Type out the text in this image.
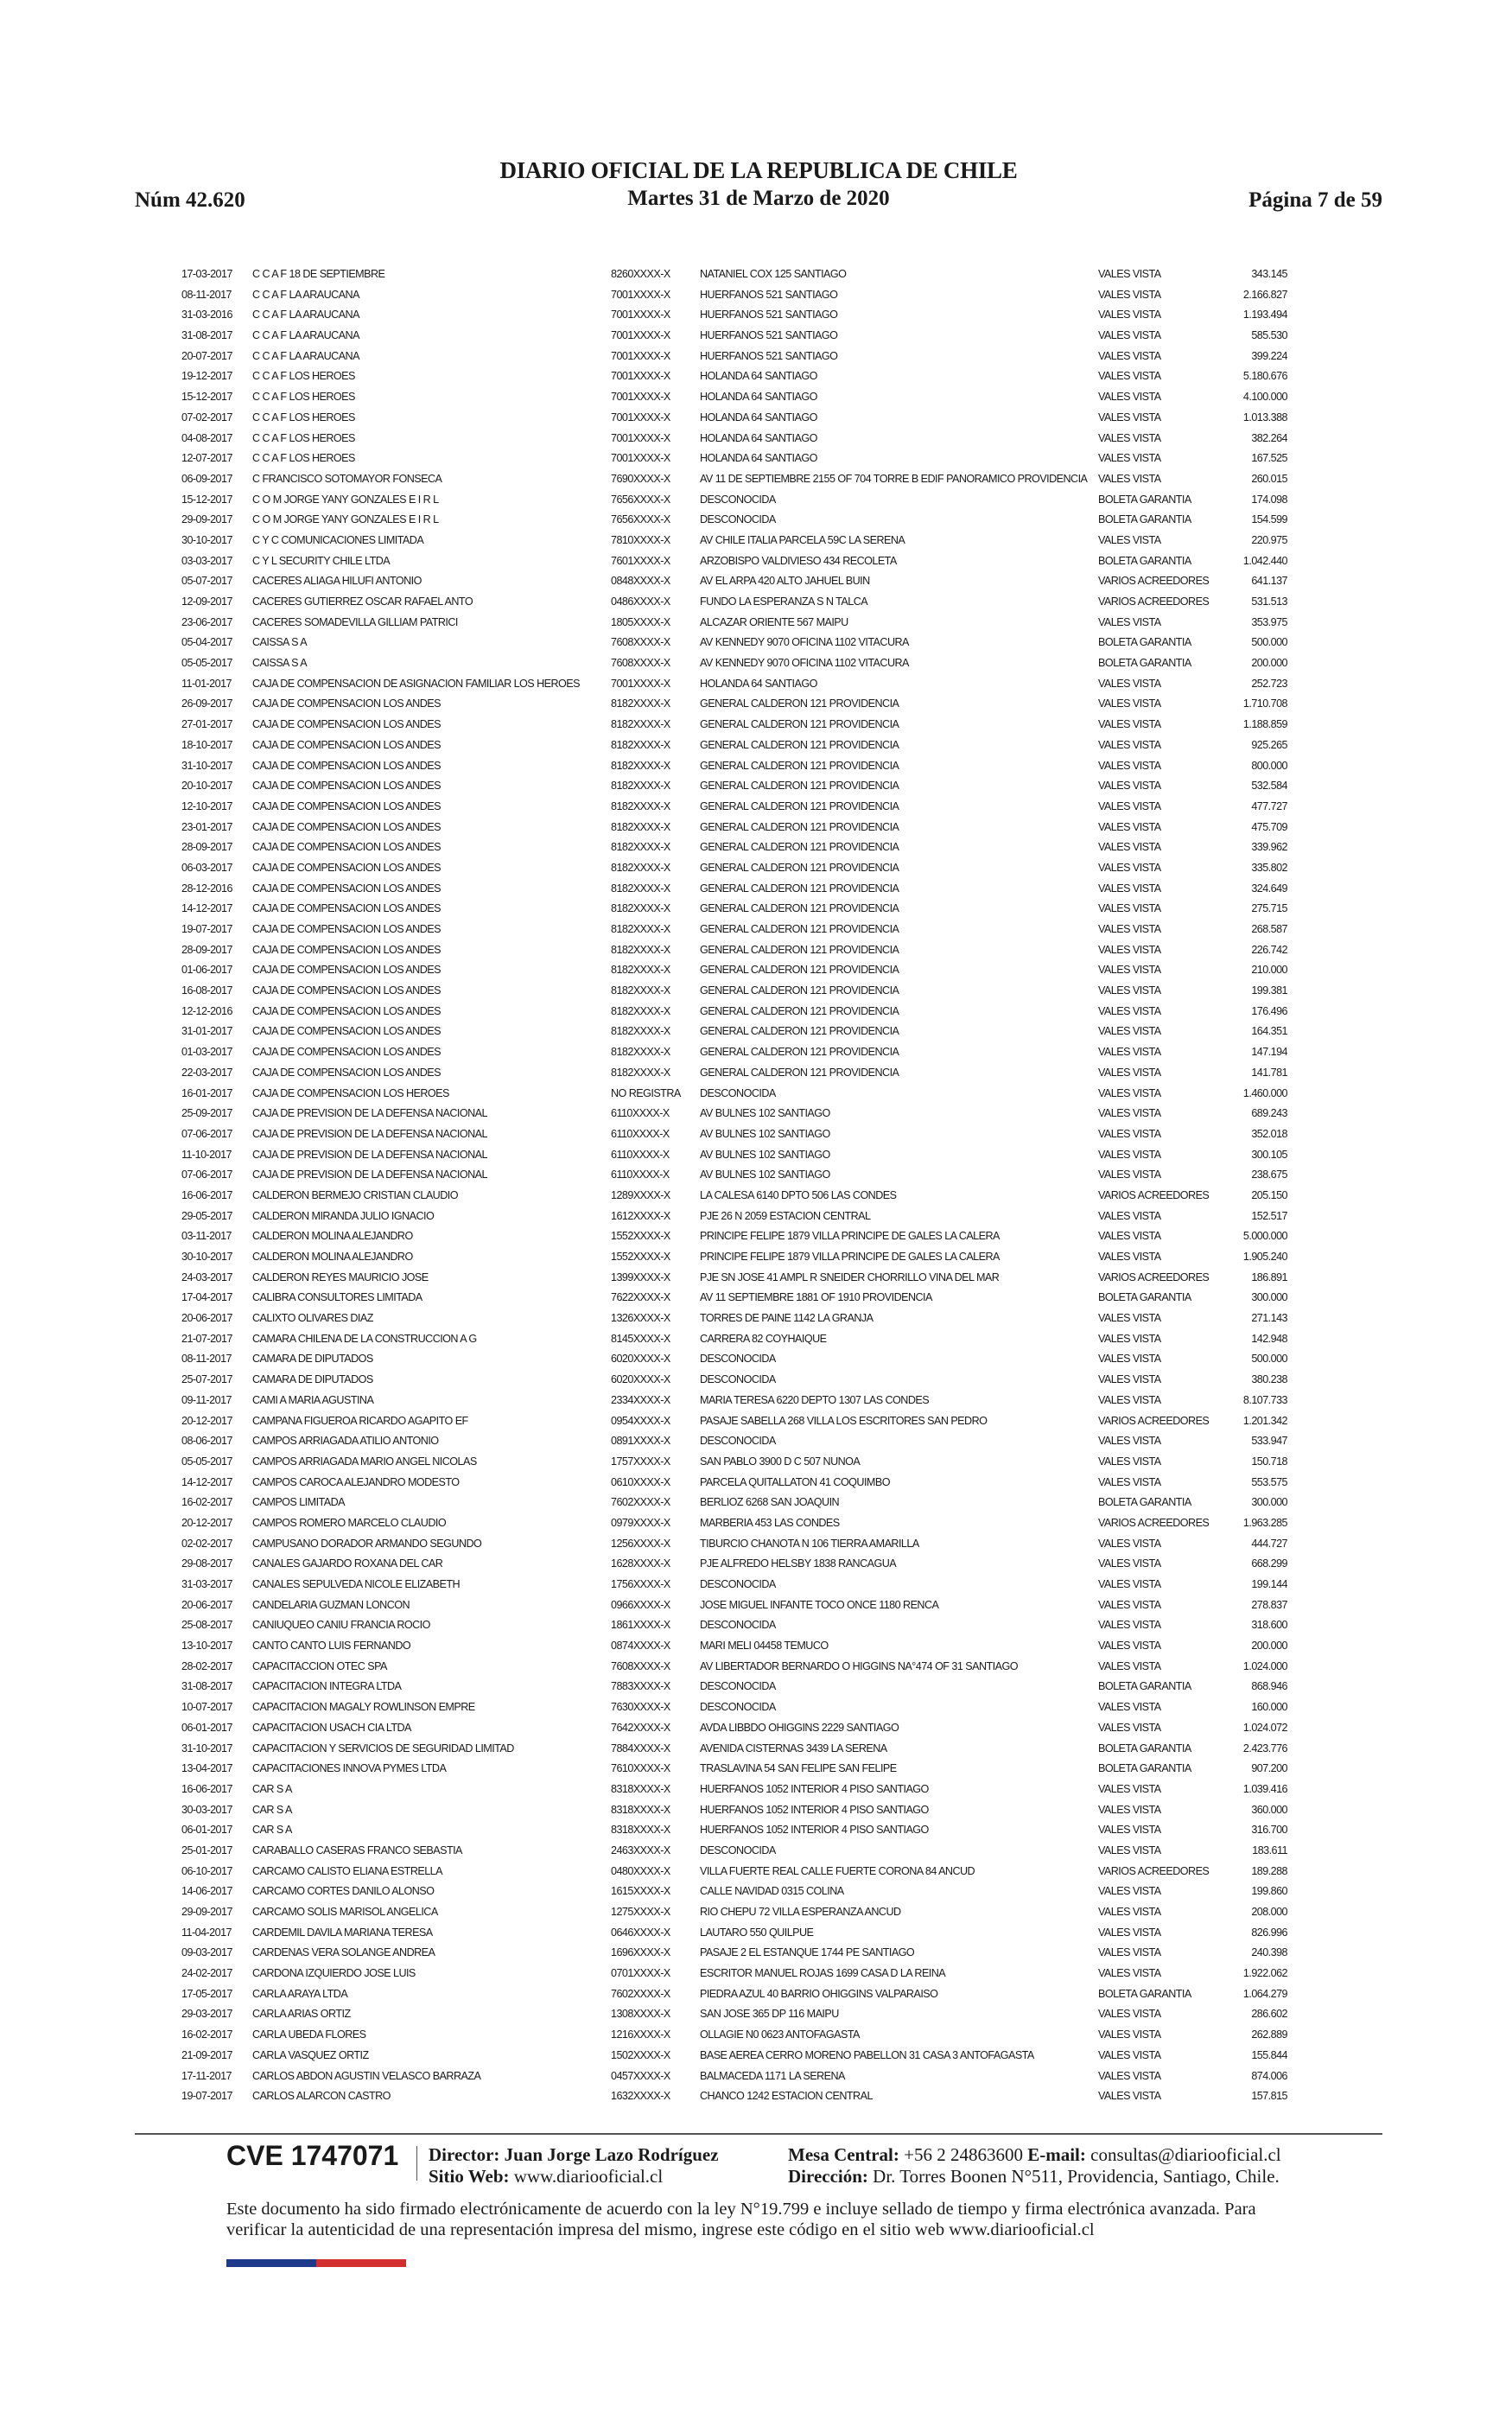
Núm 42.620
DIARIO OFICIAL DE LA REPUBLICA DE CHILE
Martes 31 de Marzo de 2020	Página 7 de 59
17-03-2017	C C A F 18 DE SEPTIEMBRE	8260XXXX-X	NATANIEL COX 125 SANTIAGO	VALES VISTA	343.145
08-11-2017	C C A F LA ARAUCANA	7001XXXX-X	HUERFANOS 521 SANTIAGO	VALES VISTA	2.166.827
31-03-2016	C C A F LA ARAUCANA	7001XXXX-X	HUERFANOS 521 SANTIAGO	VALES VISTA	1.193.494
31-08-2017	C C A F LA ARAUCANA	7001XXXX-X	HUERFANOS 521 SANTIAGO	VALES VISTA	585.530
20-07-2017	C C A F LA ARAUCANA	7001XXXX-X	HUERFANOS 521 SANTIAGO	VALES VISTA	399.224
19-12-2017	C C A F LOS HEROES	7001XXXX-X	HOLANDA 64 SANTIAGO	VALES VISTA	5.180.676
15-12-2017	C C A F LOS HEROES	7001XXXX-X	HOLANDA 64 SANTIAGO	VALES VISTA	4.100.000
07-02-2017	C C A F LOS HEROES	7001XXXX-X	HOLANDA 64 SANTIAGO	VALES VISTA	1.013.388
04-08-2017	C C A F LOS HEROES	7001XXXX-X	HOLANDA 64 SANTIAGO	VALES VISTA	382.264
12-07-2017	C C A F LOS HEROES	7001XXXX-X	HOLANDA 64 SANTIAGO	VALES VISTA	167.525
06-09-2017	C FRANCISCO SOTOMAYOR FONSECA	7690XXXX-X	AV 11 DE SEPTIEMBRE 2155 OF 704 TORRE B EDIF PANORAMICO PROVIDENCIA	VALES VISTA	260.015
15-12-2017	C O M JORGE YANY GONZALES E I R L	7656XXXX-X	DESCONOCIDA	BOLETA GARANTIA	174.098
29-09-2017	C O M JORGE YANY GONZALES E I R L	7656XXXX-X	DESCONOCIDA	BOLETA GARANTIA	154.599
30-10-2017	C Y C COMUNICACIONES LIMITADA	7810XXXX-X	AV CHILE ITALIA PARCELA 59C LA SERENA	VALES VISTA	220.975
03-03-2017	C Y L SECURITY CHILE LTDA	7601XXXX-X	ARZOBISPO VALDIVIESO 434 RECOLETA	BOLETA GARANTIA	1.042.440
05-07-2017	CACERES ALIAGA HILUFI ANTONIO	0848XXXX-X	AV EL ARPA 420 ALTO JAHUEL BUIN	VARIOS ACREEDORES	641.137
12-09-2017	CACERES GUTIERREZ OSCAR RAFAEL ANTO	0486XXXX-X	FUNDO LA ESPERANZA S N TALCA	VARIOS ACREEDORES	531.513
23-06-2017	CACERES SOMADEVILLA GILLIAM PATRICI	1805XXXX-X	ALCAZAR ORIENTE 567 MAIPU	VALES VISTA	353.975
05-04-2017	CAISSA S A	7608XXXX-X	AV KENNEDY 9070 OFICINA 1102 VITACURA	BOLETA GARANTIA	500.000
05-05-2017	CAISSA S A	7608XXXX-X	AV KENNEDY 9070 OFICINA 1102 VITACURA	BOLETA GARANTIA	200.000
11-01-2017	CAJA DE COMPENSACION DE ASIGNACION FAMILIAR LOS HEROES	7001XXXX-X	HOLANDA 64 SANTIAGO	VALES VISTA	252.723
26-09-2017	CAJA DE COMPENSACION LOS ANDES	8182XXXX-X	GENERAL CALDERON 121 PROVIDENCIA	VALES VISTA	1.710.708
27-01-2017	CAJA DE COMPENSACION LOS ANDES	8182XXXX-X	GENERAL CALDERON 121 PROVIDENCIA	VALES VISTA	1.188.859
18-10-2017	CAJA DE COMPENSACION LOS ANDES	8182XXXX-X	GENERAL CALDERON 121 PROVIDENCIA	VALES VISTA	925.265
31-10-2017	CAJA DE COMPENSACION LOS ANDES	8182XXXX-X	GENERAL CALDERON 121 PROVIDENCIA	VALES VISTA	800.000
20-10-2017	CAJA DE COMPENSACION LOS ANDES	8182XXXX-X	GENERAL CALDERON 121 PROVIDENCIA	VALES VISTA	532.584
12-10-2017	CAJA DE COMPENSACION LOS ANDES	8182XXXX-X	GENERAL CALDERON 121 PROVIDENCIA	VALES VISTA	477.727
23-01-2017	CAJA DE COMPENSACION LOS ANDES	8182XXXX-X	GENERAL CALDERON 121 PROVIDENCIA	VALES VISTA	475.709
28-09-2017	CAJA DE COMPENSACION LOS ANDES	8182XXXX-X	GENERAL CALDERON 121 PROVIDENCIA	VALES VISTA	339.962
06-03-2017	CAJA DE COMPENSACION LOS ANDES	8182XXXX-X	GENERAL CALDERON 121 PROVIDENCIA	VALES VISTA	335.802
28-12-2016	CAJA DE COMPENSACION LOS ANDES	8182XXXX-X	GENERAL CALDERON 121 PROVIDENCIA	VALES VISTA	324.649
14-12-2017	CAJA DE COMPENSACION LOS ANDES	8182XXXX-X	GENERAL CALDERON 121 PROVIDENCIA	VALES VISTA	275.715
19-07-2017	CAJA DE COMPENSACION LOS ANDES	8182XXXX-X	GENERAL CALDERON 121 PROVIDENCIA	VALES VISTA	268.587
28-09-2017	CAJA DE COMPENSACION LOS ANDES	8182XXXX-X	GENERAL CALDERON 121 PROVIDENCIA	VALES VISTA	226.742
01-06-2017	CAJA DE COMPENSACION LOS ANDES	8182XXXX-X	GENERAL CALDERON 121 PROVIDENCIA	VALES VISTA	210.000
16-08-2017	CAJA DE COMPENSACION LOS ANDES	8182XXXX-X	GENERAL CALDERON 121 PROVIDENCIA	VALES VISTA	199.381
12-12-2016	CAJA DE COMPENSACION LOS ANDES	8182XXXX-X	GENERAL CALDERON 121 PROVIDENCIA	VALES VISTA	176.496
31-01-2017	CAJA DE COMPENSACION LOS ANDES	8182XXXX-X	GENERAL CALDERON 121 PROVIDENCIA	VALES VISTA	164.351
01-03-2017	CAJA DE COMPENSACION LOS ANDES	8182XXXX-X	GENERAL CALDERON 121 PROVIDENCIA	VALES VISTA	147.194
22-03-2017	CAJA DE COMPENSACION LOS ANDES	8182XXXX-X	GENERAL CALDERON 121 PROVIDENCIA	VALES VISTA	141.781
16-01-2017	CAJA DE COMPENSACION LOS HEROES	NO REGISTRA	DESCONOCIDA	VALES VISTA	1.460.000
25-09-2017	CAJA DE PREVISION DE LA DEFENSA NACIONAL	6110XXXX-X	AV BULNES 102 SANTIAGO	VALES VISTA	689.243
07-06-2017	CAJA DE PREVISION DE LA DEFENSA NACIONAL	6110XXXX-X	AV BULNES 102 SANTIAGO	VALES VISTA	352.018
11-10-2017	CAJA DE PREVISION DE LA DEFENSA NACIONAL	6110XXXX-X	AV BULNES 102 SANTIAGO	VALES VISTA	300.105
07-06-2017	CAJA DE PREVISION DE LA DEFENSA NACIONAL	6110XXXX-X	AV BULNES 102 SANTIAGO	VALES VISTA	238.675
16-06-2017	CALDERON BERMEJO CRISTIAN CLAUDIO	1289XXXX-X	LA CALESA 6140 DPTO 506 LAS CONDES	VARIOS ACREEDORES	205.150
29-05-2017	CALDERON MIRANDA JULIO IGNACIO	1612XXXX-X	PJE 26 N 2059 ESTACION CENTRAL	VALES VISTA	152.517
03-11-2017	CALDERON MOLINA ALEJANDRO	1552XXXX-X	PRINCIPE FELIPE 1879 VILLA PRINCIPE DE GALES LA CALERA	VALES VISTA	5.000.000
30-10-2017	CALDERON MOLINA ALEJANDRO	1552XXXX-X	PRINCIPE FELIPE 1879 VILLA PRINCIPE DE GALES LA CALERA	VALES VISTA	1.905.240
24-03-2017	CALDERON REYES MAURICIO JOSE	1399XXXX-X	PJE SN JOSE 41 AMPL R SNEIDER CHORRILLO VINA DEL MAR	VARIOS ACREEDORES	186.891
17-04-2017	CALIBRA CONSULTORES LIMITADA	7622XXXX-X	AV 11 SEPTIEMBRE 1881 OF 1910 PROVIDENCIA	BOLETA GARANTIA	300.000
20-06-2017	CALIXTO OLIVARES DIAZ	1326XXXX-X	TORRES DE PAINE 1142 LA GRANJA	VALES VISTA	271.143
21-07-2017	CAMARA CHILENA DE LA CONSTRUCCION A G	8145XXXX-X	CARRERA 82 COYHAIQUE	VALES VISTA	142.948
08-11-2017	CAMARA DE DIPUTADOS	6020XXXX-X	DESCONOCIDA	VALES VISTA	500.000
25-07-2017	CAMARA DE DIPUTADOS	6020XXXX-X	DESCONOCIDA	VALES VISTA	380.238
09-11-2017	CAMI A MARIA AGUSTINA	2334XXXX-X	MARIA TERESA 6220 DEPTO 1307 LAS CONDES	VALES VISTA	8.107.733
20-12-2017	CAMPANA FIGUEROA RICARDO AGAPITO EF	0954XXXX-X	PASAJE SABELLA 268 VILLA LOS ESCRITORES SAN PEDRO	VARIOS ACREEDORES	1.201.342
08-06-2017	CAMPOS ARRIAGADA ATILIO ANTONIO	0891XXXX-X	DESCONOCIDA	VALES VISTA	533.947
05-05-2017	CAMPOS ARRIAGADA MARIO ANGEL NICOLAS	1757XXXX-X	SAN PABLO 3900 D C 507 NUNOA	VALES VISTA	150.718
14-12-2017	CAMPOS CAROCA ALEJANDRO MODESTO	0610XXXX-X	PARCELA QUITALLATON 41 COQUIMBO	VALES VISTA	553.575
16-02-2017	CAMPOS LIMITADA	7602XXXX-X	BERLIOZ 6268 SAN JOAQUIN	BOLETA GARANTIA	300.000
20-12-2017	CAMPOS ROMERO MARCELO CLAUDIO	0979XXXX-X	MARBERIA 453 LAS CONDES	VARIOS ACREEDORES	1.963.285
02-02-2017	CAMPUSANO DORADOR ARMANDO SEGUNDO	1256XXXX-X	TIBURCIO CHANOTA N 106 TIERRA AMARILLA	VALES VISTA	444.727
29-08-2017	CANALES GAJARDO ROXANA DEL CAR	1628XXXX-X	PJE ALFREDO HELSBY 1838 RANCAGUA	VALES VISTA	668.299
31-03-2017	CANALES SEPULVEDA NICOLE ELIZABETH	1756XXXX-X	DESCONOCIDA	VALES VISTA	199.144
20-06-2017	CANDELARIA GUZMAN LONCON	0966XXXX-X	JOSE MIGUEL INFANTE TOCO ONCE 1180 RENCA	VALES VISTA	278.837
25-08-2017	CANIUQUEO CANIU FRANCIA ROCIO	1861XXXX-X	DESCONOCIDA	VALES VISTA	318.600
13-10-2017	CANTO CANTO LUIS FERNANDO	0874XXXX-X	MARI MELI 04458 TEMUCO	VALES VISTA	200.000
28-02-2017	CAPACITACCION OTEC SPA	7608XXXX-X	AV LIBERTADOR BERNARDO O HIGGINS NA°474 OF 31 SANTIAGO	VALES VISTA	1.024.000
31-08-2017	CAPACITACION INTEGRA LTDA	7883XXXX-X	DESCONOCIDA	BOLETA GARANTIA	868.946
10-07-2017	CAPACITACION MAGALY ROWLINSON EMPRE	7630XXXX-X	DESCONOCIDA	VALES VISTA	160.000
06-01-2017	CAPACITACION USACH CIA LTDA	7642XXXX-X	AVDA LIBBDO OHIGGINS 2229 SANTIAGO	VALES VISTA	1.024.072
31-10-2017	CAPACITACION Y SERVICIOS DE SEGURIDAD LIMITAD	7884XXXX-X	AVENIDA CISTERNAS 3439 LA SERENA	BOLETA GARANTIA	2.423.776
13-04-2017	CAPACITACIONES INNOVA PYMES LTDA	7610XXXX-X	TRASLAVINA 54 SAN FELIPE SAN FELIPE	BOLETA GARANTIA	907.200
16-06-2017	CAR S A	8318XXXX-X	HUERFANOS 1052 INTERIOR 4 PISO SANTIAGO	VALES VISTA	1.039.416
30-03-2017	CAR S A	8318XXXX-X	HUERFANOS 1052 INTERIOR 4 PISO SANTIAGO	VALES VISTA	360.000
06-01-2017	CAR S A	8318XXXX-X	HUERFANOS 1052 INTERIOR 4 PISO SANTIAGO	VALES VISTA	316.700
25-01-2017	CARABALLO CASERAS FRANCO SEBASTIA	2463XXXX-X	DESCONOCIDA	VALES VISTA	183.611
06-10-2017	CARCAMO CALISTO ELIANA ESTRELLA	0480XXXX-X	VILLA FUERTE REAL CALLE FUERTE CORONA 84 ANCUD	VARIOS ACREEDORES	189.288
14-06-2017	CARCAMO CORTES DANILO ALONSO	1615XXXX-X	CALLE NAVIDAD 0315 COLINA	VALES VISTA	199.860
29-09-2017	CARCAMO SOLIS MARISOL ANGELICA	1275XXXX-X	RIO CHEPU 72 VILLA ESPERANZA ANCUD	VALES VISTA	208.000
11-04-2017	CARDEMIL DAVILA MARIANA TERESA	0646XXXX-X	LAUTARO 550 QUILPUE	VALES VISTA	826.996
09-03-2017	CARDENAS VERA SOLANGE ANDREA	1696XXXX-X	PASAJE 2 EL ESTANQUE 1744 PE SANTIAGO	VALES VISTA	240.398
24-02-2017	CARDONA IZQUIERDO JOSE LUIS	0701XXXX-X	ESCRITOR MANUEL ROJAS 1699 CASA D LA REINA	VALES VISTA	1.922.062
17-05-2017	CARLA ARAYA LTDA	7602XXXX-X	PIEDRA AZUL 40 BARRIO OHIGGINS VALPARAISO	BOLETA GARANTIA	1.064.279
29-03-2017	CARLA ARIAS ORTIZ	1308XXXX-X	SAN JOSE 365 DP 116 MAIPU	VALES VISTA	286.602
16-02-2017	CARLA UBEDA FLORES	1216XXXX-X	OLLAGIE N0 0623 ANTOFAGASTA	VALES VISTA	262.889
21-09-2017	CARLA VASQUEZ ORTIZ	1502XXXX-X	BASE AEREA CERRO MORENO PABELLON 31 CASA 3 ANTOFAGASTA	VALES VISTA	155.844
17-11-2017	CARLOS ABDON AGUSTIN VELASCO BARRAZA	0457XXXX-X	BALMACEDA 1171 LA SERENA	VALES VISTA	874.006
19-07-2017	CARLOS ALARCON CASTRO	1632XXXX-X	CHANCO 1242 ESTACION CENTRAL	VALES VISTA	157.815
CVE 1747071 Director: Juan Jorge Lazo Rodríguez
Sitio Web: www.diariooficial.cl
Mesa Central: +56 2 24863600 E-mail: consultas@diariooficial.cl
Dirección: Dr. Torres Boonen N°511, Providencia, Santiago, Chile.
Este documento ha sido firmado electrónicamente de acuerdo con la ley N°19.799 e incluye sellado de tiempo y firma electrónica avanzada. Para verificar la autenticidad de una representación impresa del mismo, ingrese este código en el sitio web www.diariooficial.cl
